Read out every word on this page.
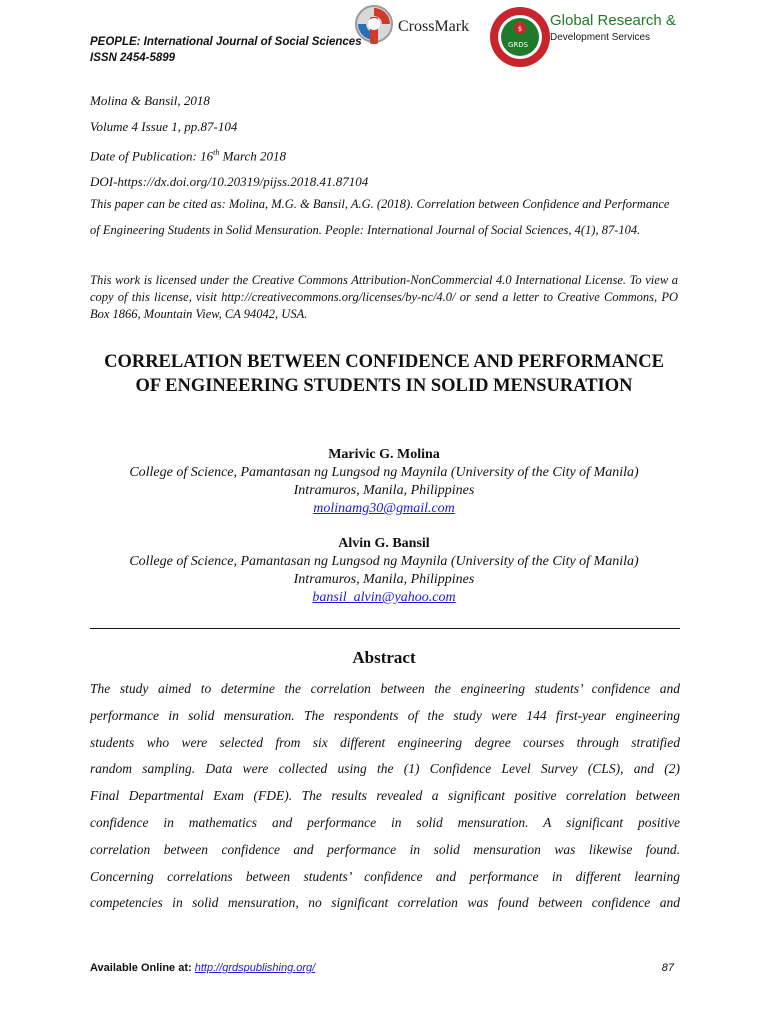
PEOPLE: International Journal of Social Sciences
ISSN 2454-5899
CrossMark	$
GRDS
Global Research &
Development Services
Molina & Bansil, 2018
Volume 4 Issue 1, pp.87-104
Date of Publication: 16th March 2018
DOI-https://dx.doi.org/10.20319/pijss.2018.41.87104
This paper can be cited as: Molina, M.G. & Bansil, A.G. (2018). Correlation between Confidence and Performance of Engineering Students in Solid Mensuration. People: International Journal of Social Sciences, 4(1), 87-104.
This work is licensed under the Creative Commons Attribution-NonCommercial 4.0 International License. To view a copy of this license, visit http://creativecommons.org/licenses/by-nc/4.0/ or send a letter to Creative Commons, PO Box 1866, Mountain View, CA 94042, USA.
CORRELATION BETWEEN CONFIDENCE AND PERFORMANCE OF ENGINEERING STUDENTS IN SOLID MENSURATION
Marivic G. Molina
College of Science, Pamantasan ng Lungsod ng Maynila (University of the City of Manila)
Intramuros, Manila, Philippines
molinamg30@gmail.com
Alvin G. Bansil
College of Science, Pamantasan ng Lungsod ng Maynila (University of the City of Manila)
Intramuros, Manila, Philippines
bansil_alvin@yahoo.com
Abstract
The study aimed to determine the correlation between the engineering students’ confidence and
performance in solid mensuration. The respondents of the study were 144 first-year engineering
students who were selected from six different engineering degree courses through stratified
random sampling. Data were collected using the (1) Confidence Level Survey (CLS), and (2)
Final Departmental Exam (FDE). The results revealed a significant positive correlation between
confidence in mathematics and performance in solid mensuration. A significant positive
correlation between confidence and performance in solid mensuration was likewise found.
Concerning correlations between students’ confidence and performance in different learning
competencies in solid mensuration, no significant correlation was found between confidence and
Available Online at: http://grdspublishing.org/	87
